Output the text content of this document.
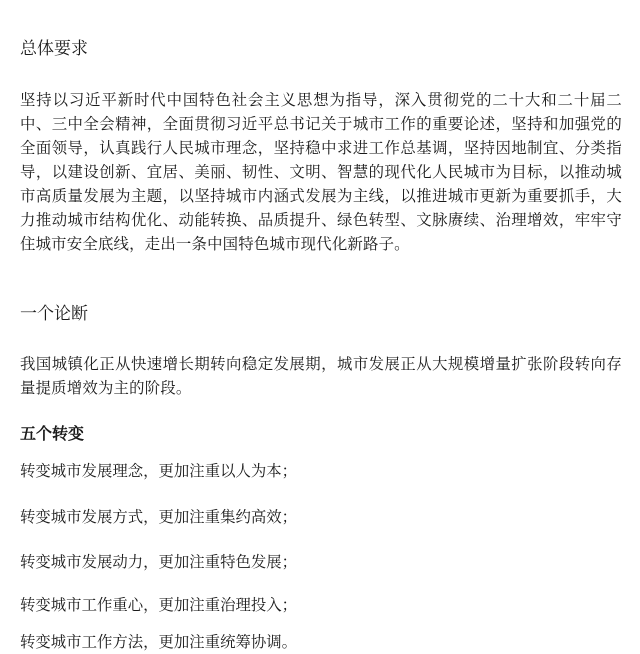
总体要求

坚持以习近平新时代中国特色社会主义思想为指导，深入贯彻党的二十大和二十届二中、三中全会精神，全面贯彻习近平总书记关于城市工作的重要论述，坚持和加强党的全面领导，认真践行人民城市理念，坚持稳中求进工作总基调，坚持因地制宜、分类指导，以建设创新、宜居、美丽、韧性、文明、智慧的现代化人民城市为目标，以推动城市高质量发展为主题，以坚持城市内涵式发展为主线，以推进城市更新为重要抓手，大力推动城市结构优化、动能转换、品质提升、绿色转型、文脉赓续、治理增效，牢牢守住城市安全底线，走出一条中国特色城市现代化新路子。

一个论断

我国城镇化正从快速增长期转向稳定发展期，城市发展正从大规模增量扩张阶段转向存量提质增效为主的阶段。

五个转变

转变城市发展理念，更加注重以人为本；

转变城市发展方式，更加注重集约高效；

转变城市发展动力，更加注重特色发展；

转变城市工作重心，更加注重治理投入；

转变城市工作方法，更加注重统筹协调。
